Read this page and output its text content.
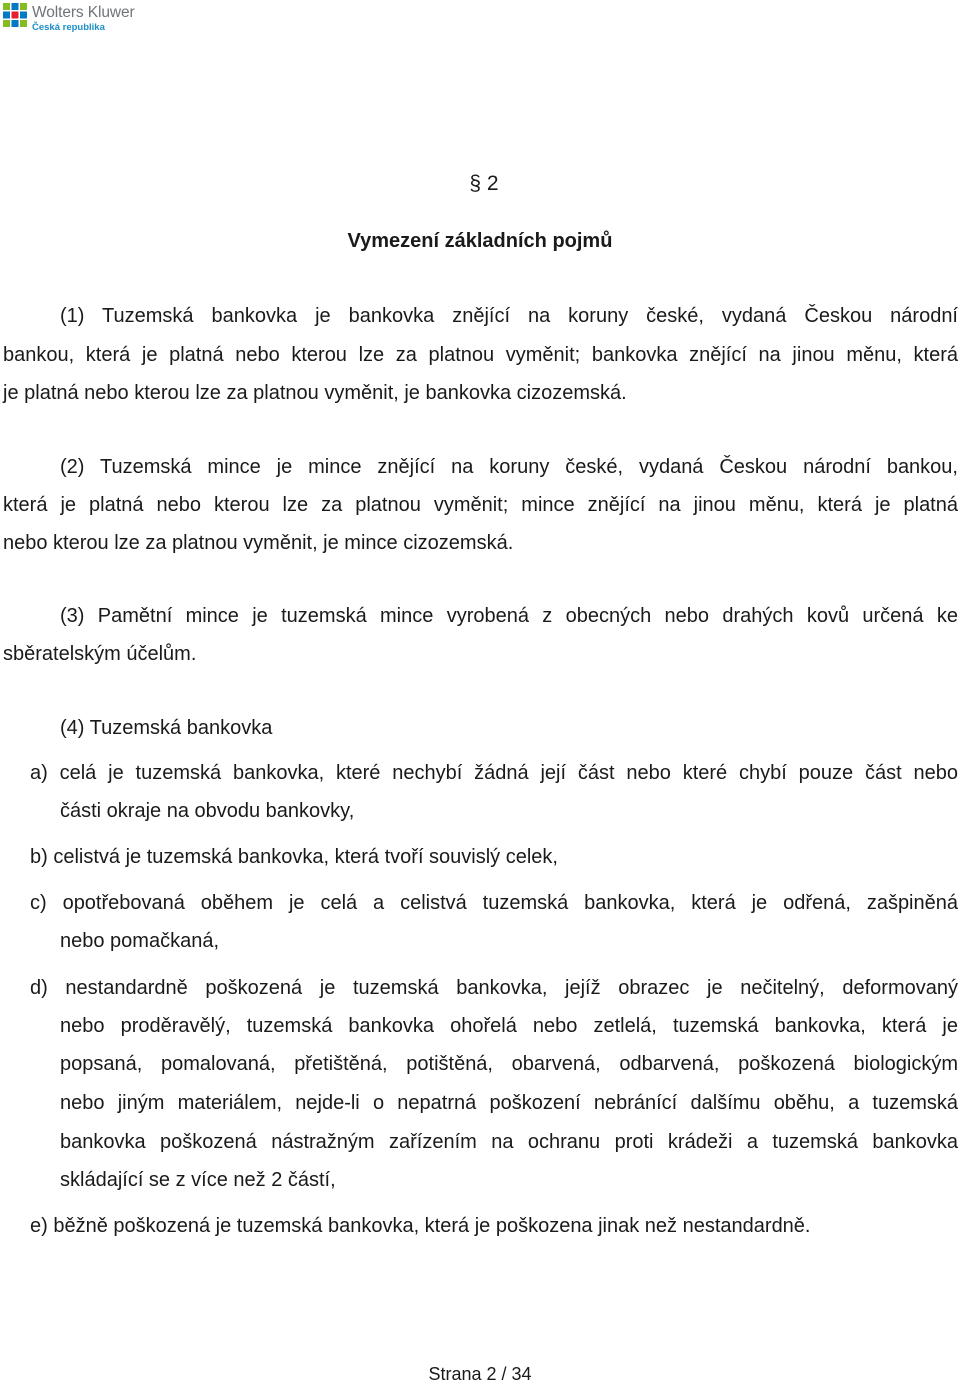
Wolters Kluwer
Česká republika
§ 2
Vymezení základních pojmů
(1) Tuzemská bankovka je bankovka znějící na koruny české, vydaná Českou národní
bankou, která je platná nebo kterou lze za platnou vyměnit; bankovka znějící na jinou měnu, která
je platná nebo kterou lze za platnou vyměnit, je bankovka cizozemská.
(2) Tuzemská mince je mince znějící na koruny české, vydaná Českou národní bankou,
která je platná nebo kterou lze za platnou vyměnit; mince znějící na jinou měnu, která je platná
nebo kterou lze za platnou vyměnit, je mince cizozemská.
(3) Pamětní mince je tuzemská mince vyrobená z obecných nebo drahých kovů určená ke
sběratelským účelům.
(4) Tuzemská bankovka
a) celá je tuzemská bankovka, které nechybí žádná její část nebo které chybí pouze část nebo
části okraje na obvodu bankovky,
b) celistvá je tuzemská bankovka, která tvoří souvislý celek,
c) opotřebovaná oběhem je celá a celistvá tuzemská bankovka, která je odřená, zašpiněná
nebo pomačkaná,
d) nestandardně poškozená je tuzemská bankovka, jejíž obrazec je nečitelný, deformovaný
nebo proděravělý, tuzemská bankovka ohořelá nebo zetlelá, tuzemská bankovka, která je
popsaná, pomalovaná, přetištěná, potištěná, obarvená, odbarvená, poškozená biologickým
nebo jiným materiálem, nejde-li o nepatrná poškození nebránící dalšímu oběhu, a tuzemská
bankovka poškozená nástražným zařízením na ochranu proti krádeži a tuzemská bankovka
skládající se z více než 2 částí,
e) běžně poškozená je tuzemská bankovka, která je poškozena jinak než nestandardně.
Strana 2 / 34
